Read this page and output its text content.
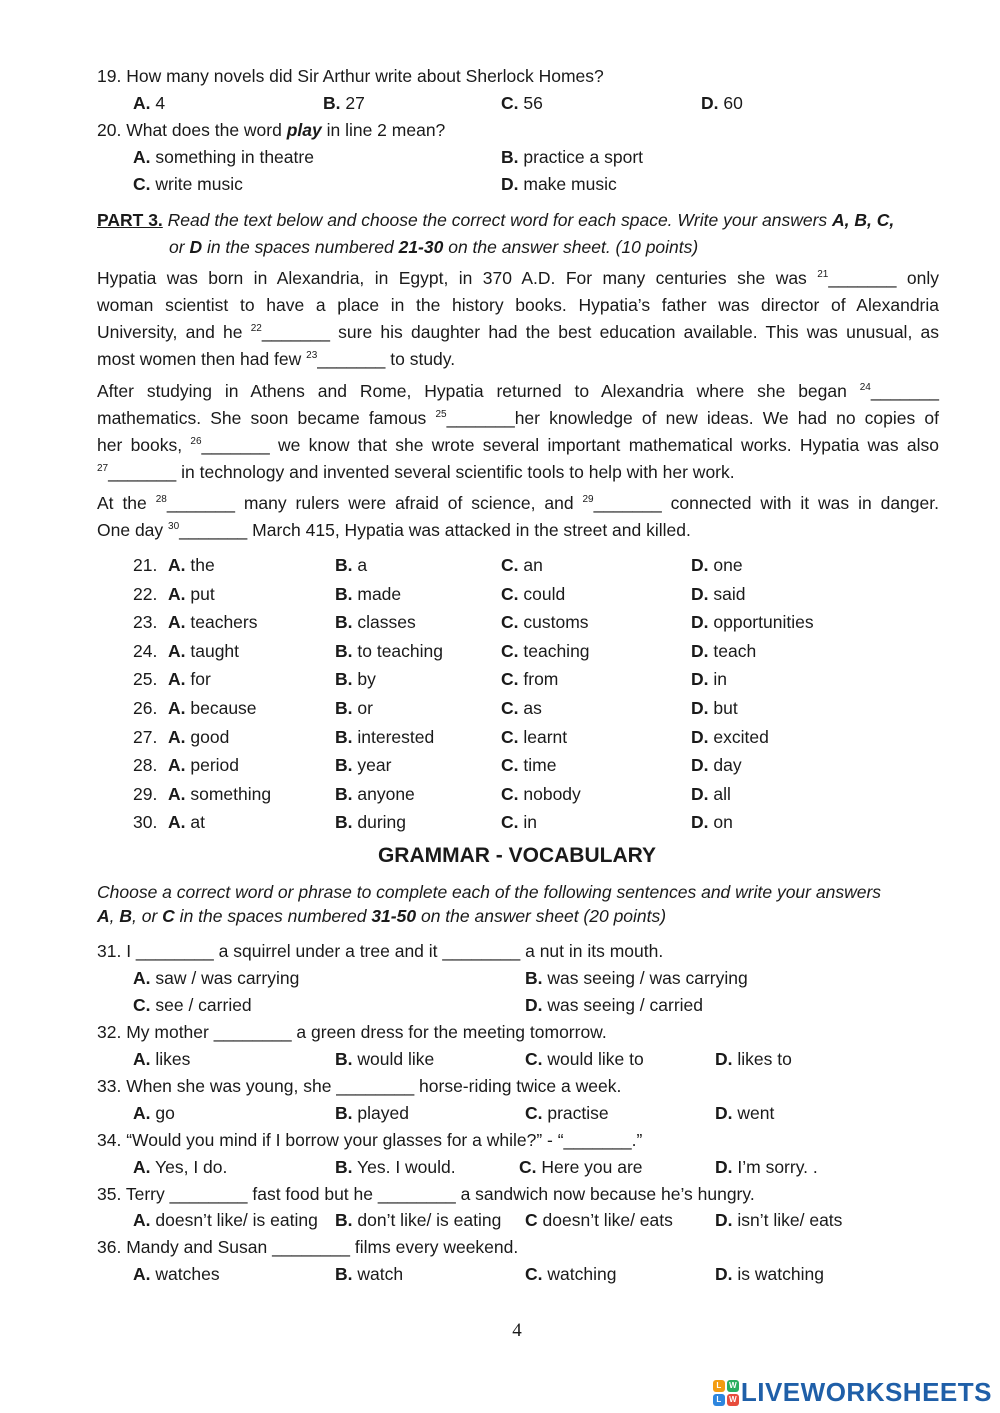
19. How many novels did Sir Arthur write about Sherlock Homes?
A. 4	B. 27	C. 56	D. 60
20. What does the word play in line 2 mean?
A. something in theatre	B. practice a sport
C. write music	D. make music
PART 3. Read the text below and choose the correct word for each space. Write your answers A, B, C,
or D in the spaces numbered 21-30 on the answer sheet. (10 points)
Hypatia was born in Alexandria, in Egypt, in 370 A.D. For many centuries she was $^{21}$_______ only
woman scientist to have a place in the history books. Hypatia’s father was director of Alexandria
University, and he $^{22}$_______ sure his daughter had the best education available. This was unusual, as
most women then had few $^{23}$_______ to study.
After studying in Athens and Rome, Hypatia returned to Alexandria where she began $^{24}$_______
mathematics. She soon became famous $^{25}$_______her knowledge of new ideas. We had no copies of
her books, $^{26}$_______ we know that she wrote several important mathematical works. Hypatia was also
$^{27}$_______ in technology and invented several scientific tools to help with her work.
At the $^{28}$_______ many rulers were afraid of science, and $^{29}$_______ connected with it was in danger.
One day $^{30}$_______ March 415, Hypatia was attacked in the street and killed.
21. A. the	B. a	C. an	D. one
22. A. put	B. made	C. could	D. said
23. A. teachers	B. classes	C. customs	D. opportunities
24. A. taught	B. to teaching	C. teaching	D. teach
25. A. for	B. by	C. from	D. in
26. A. because	B. or	C. as	D. but
27. A. good	B. interested	C. learnt	D. excited
28. A. period	B. year	C. time	D. day
29. A. something	B. anyone	C. nobody	D. all
30. A. at	B. during	C. in	D. on
GRAMMAR - VOCABULARY
Choose a correct word or phrase to complete each of the following sentences and write your answers
A, B, or C in the spaces numbered 31-50 on the answer sheet (20 points)
31. I ________ a squirrel under a tree and it ________ a nut in its mouth.
A. saw / was carrying	B. was seeing / was carrying
C. see / carried	D. was seeing / carried
32. My mother ________ a green dress for the meeting tomorrow.
A. likes	B. would like	C. would like to	D. likes to
33. When she was young, she ________ horse-riding twice a week.
A. go	B. played	C. practise	D. went
34. “Would you mind if I borrow your glasses for a while?” - “_______.”
A. Yes, I do.	B. Yes. I would.	C. Here you are	D. I’m sorry. .
35. Terry ________ fast food but he ________ a sandwich now because he’s hungry.
A. doesn’t like/ is eating B. don’t like/ is eating C doesn’t like/ eats D. isn’t like/ eats
36. Mandy and Susan ________ films every weekend.
A. watches	B. watch	C. watching	D. is watching
4
L W
L W LIVEWORKSHEETS
